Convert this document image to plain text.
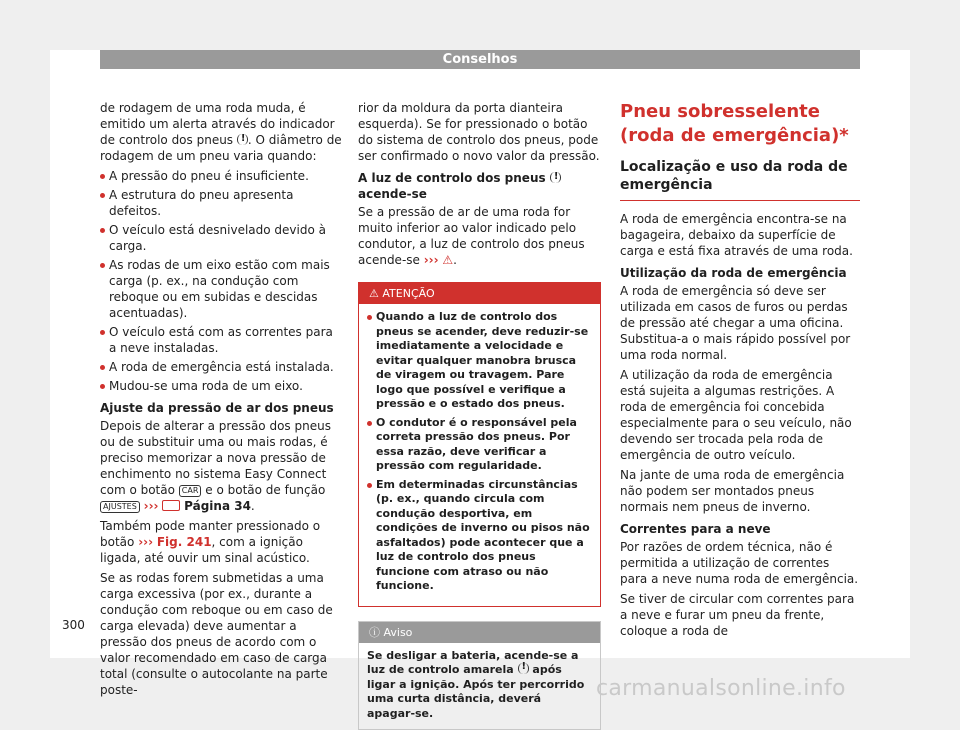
Conselhos

de rodagem de uma roda muda, é emitido um alerta através do indicador de controlo dos pneus ! . O diâmetro de rodagem de um pneu varia quando:

A pressão do pneu é insuficiente.
A estrutura do pneu apresenta defeitos.
O veículo está desnivelado devido à carga.
As rodas de um eixo estão com mais carga (p. ex., na condução com reboque ou em subidas e descidas acentuadas).
O veículo está com as correntes para a neve instaladas.
A roda de emergência está instalada.
Mudou-se uma roda de um eixo.
Ajuste da pressão de ar dos pneus

Depois de alterar a pressão dos pneus ou de substituir uma ou mais rodas, é preciso memorizar a nova pressão de enchimento no sistema Easy Connect com o botão CAR e o botão de função AJUSTES ››› Página 34.

Também pode manter pressionado o botão ››› Fig. 241, com a ignição ligada, até ouvir um sinal acústico.

Se as rodas forem submetidas a uma carga excessiva (por ex., durante a condução com reboque ou em caso de carga elevada) deve aumentar a pressão dos pneus de acordo com o valor recomendado em caso de carga total (consulte o autocolante na parte poste-

rior da moldura da porta dianteira esquerda). Se for pressionado o botão do sistema de controlo dos pneus, pode ser confirmado o novo valor da pressão.

A luz de controlo dos pneus ! acende-se

Se a pressão de ar de uma roda for muito inferior ao valor indicado pelo condutor, a luz de controlo dos pneus acende-se ››› ⚠.

⚠ ATENÇÃO
Quando a luz de controlo dos pneus se acender, deve reduzir-se imediatamente a velocidade e evitar qualquer manobra brusca de viragem ou travagem. Pare logo que possível e verifique a pressão e o estado dos pneus.
O condutor é o responsável pela correta pressão dos pneus. Por essa razão, deve verificar a pressão com regularidade.
Em determinadas circunstâncias (p. ex., quando circula com condução desportiva, em condições de inverno ou pisos não asfaltados) pode acontecer que a luz de controlo dos pneus funcione com atraso ou não funcione.
ⓘ Aviso
Se desligar a bateria, acende-se a luz de controlo amarela ! após ligar a ignição. Após ter percorrido uma curta distância, deverá apagar-se.
Pneu sobresselente (roda de emergência)*
Localização e uso da roda de emergência

A roda de emergência encontra-se na bagageira, debaixo da superfície de carga e está fixa através de uma roda.

Utilização da roda de emergência

A roda de emergência só deve ser utilizada em casos de furos ou perdas de pressão até chegar a uma oficina. Substitua-a o mais rápido possível por uma roda normal.

A utilização da roda de emergência está sujeita a algumas restrições. A roda de emergência foi concebida especialmente para o seu veículo, não devendo ser trocada pela roda de emergência de outro veículo.

Na jante de uma roda de emergência não podem ser montados pneus normais nem pneus de inverno.

Correntes para a neve

Por razões de ordem técnica, não é permitida a utilização de correntes para a neve numa roda de emergência.

Se tiver de circular com correntes para a neve e furar um pneu da frente, coloque a roda de

300
carmanualsonline.info
